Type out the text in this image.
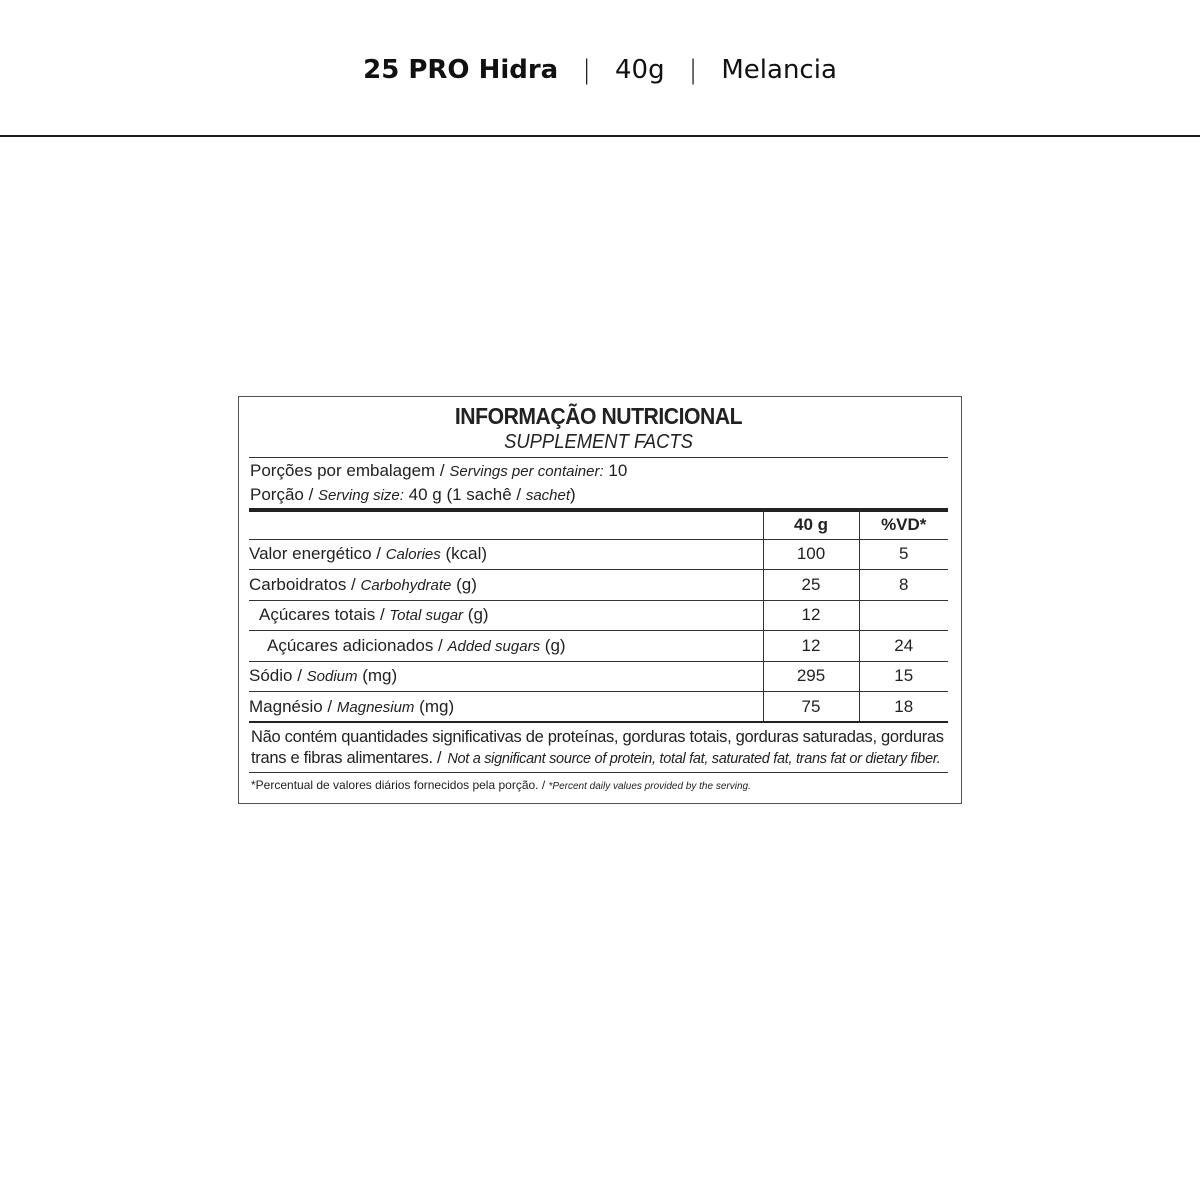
25 PRO Hidra | 40g | Melancia
INFORMAÇÃO NUTRICIONAL
SUPPLEMENT FACTS
Porções por embalagem / Servings per container: 10
Porção / Serving size: 40 g (1 sachê / sachet)
	40 g	%VD*
Valor energético / Calories (kcal)	100	5
Carboidratos / Carbohydrate (g)	25	8
Açúcares totais / Total sugar (g)	12	
Açúcares adicionados / Added sugars (g)	12	24
Sódio / Sodium (mg)	295	15
Magnésio / Magnesium (mg)	75	18
Não contém quantidades significativas de proteínas, gorduras totais, gorduras saturadas, gorduras trans e fibras alimentares. / Not a significant source of protein, total fat, saturated fat, trans fat or dietary fiber.
*Percentual de valores diários fornecidos pela porção. / *Percent daily values provided by the serving.
